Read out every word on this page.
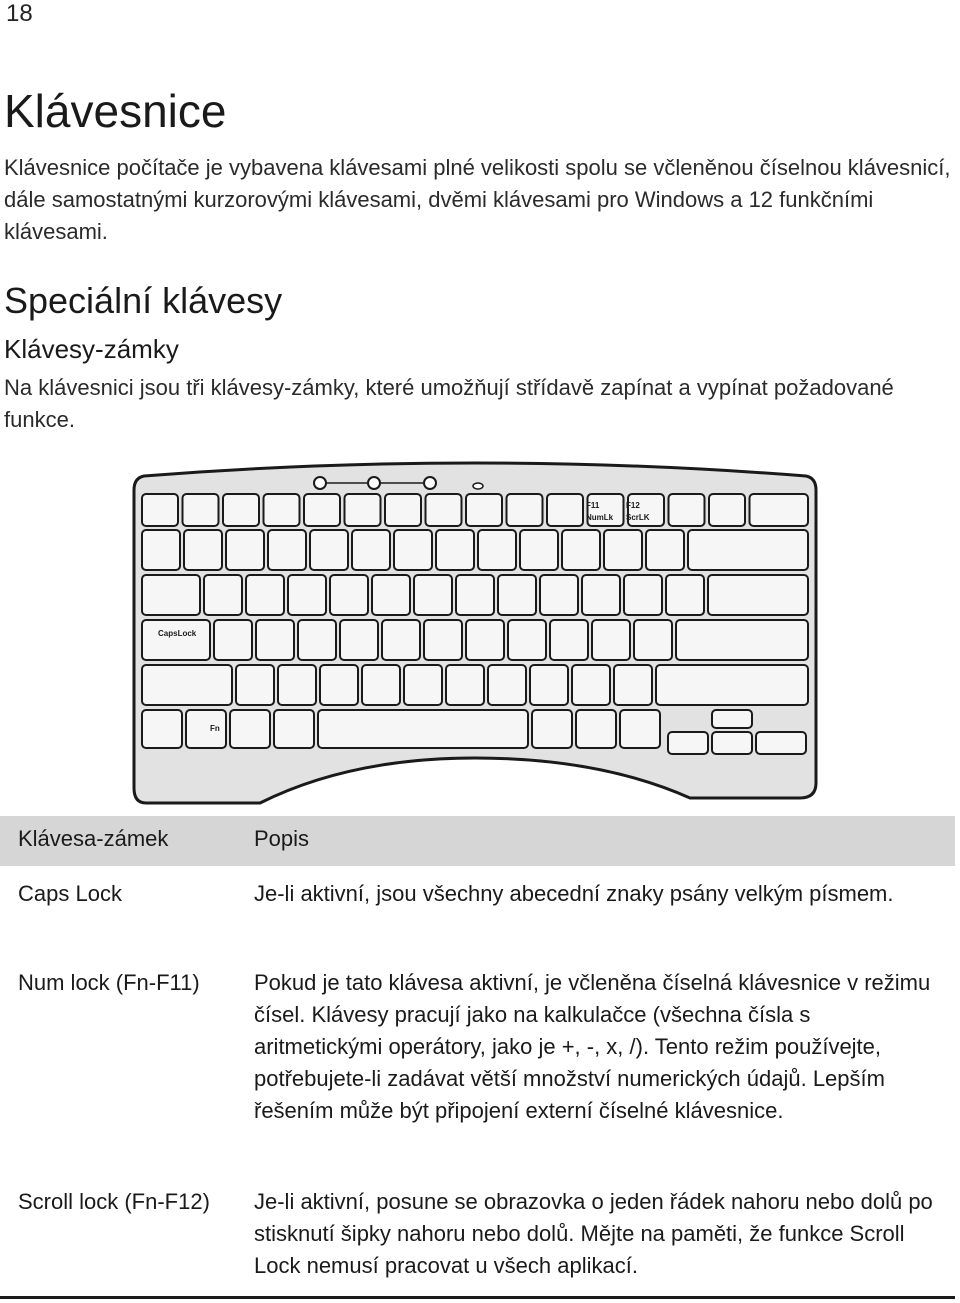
18
Klávesnice
Klávesnice počítače je vybavena klávesami plné velikosti spolu se včleněnou číselnou klávesnicí, dále samostatnými kurzorovými klávesami, dvěmi klávesami pro Windows a 12 funkčními klávesami.
Speciální klávesy
Klávesy-zámky
Na klávesnici jsou tři klávesy-zámky, které umožňují střídavě zapínat a vypínat požadované funkce.
F11
NumLk
F12
ScrLK
CapsLock
Fn
Klávesa-zámek	Popis
Caps Lock	Je-li aktivní, jsou všechny abecední znaky psány velkým písmem.
Num lock (Fn-F11)	Pokud je tato klávesa aktivní, je včleněna číselná klávesnice v režimu čísel. Klávesy pracují jako na kalkulačce (všechna čísla s aritmetickými operátory, jako je +, -, x, /). Tento režim používejte, potřebujete-li zadávat větší množství numerických údajů. Lepším řešením může být připojení externí číselné klávesnice.
Scroll lock (Fn-F12)	Je-li aktivní, posune se obrazovka o jeden řádek nahoru nebo dolů po stisknutí šipky nahoru nebo dolů. Mějte na paměti, že funkce Scroll Lock nemusí pracovat u všech aplikací.
